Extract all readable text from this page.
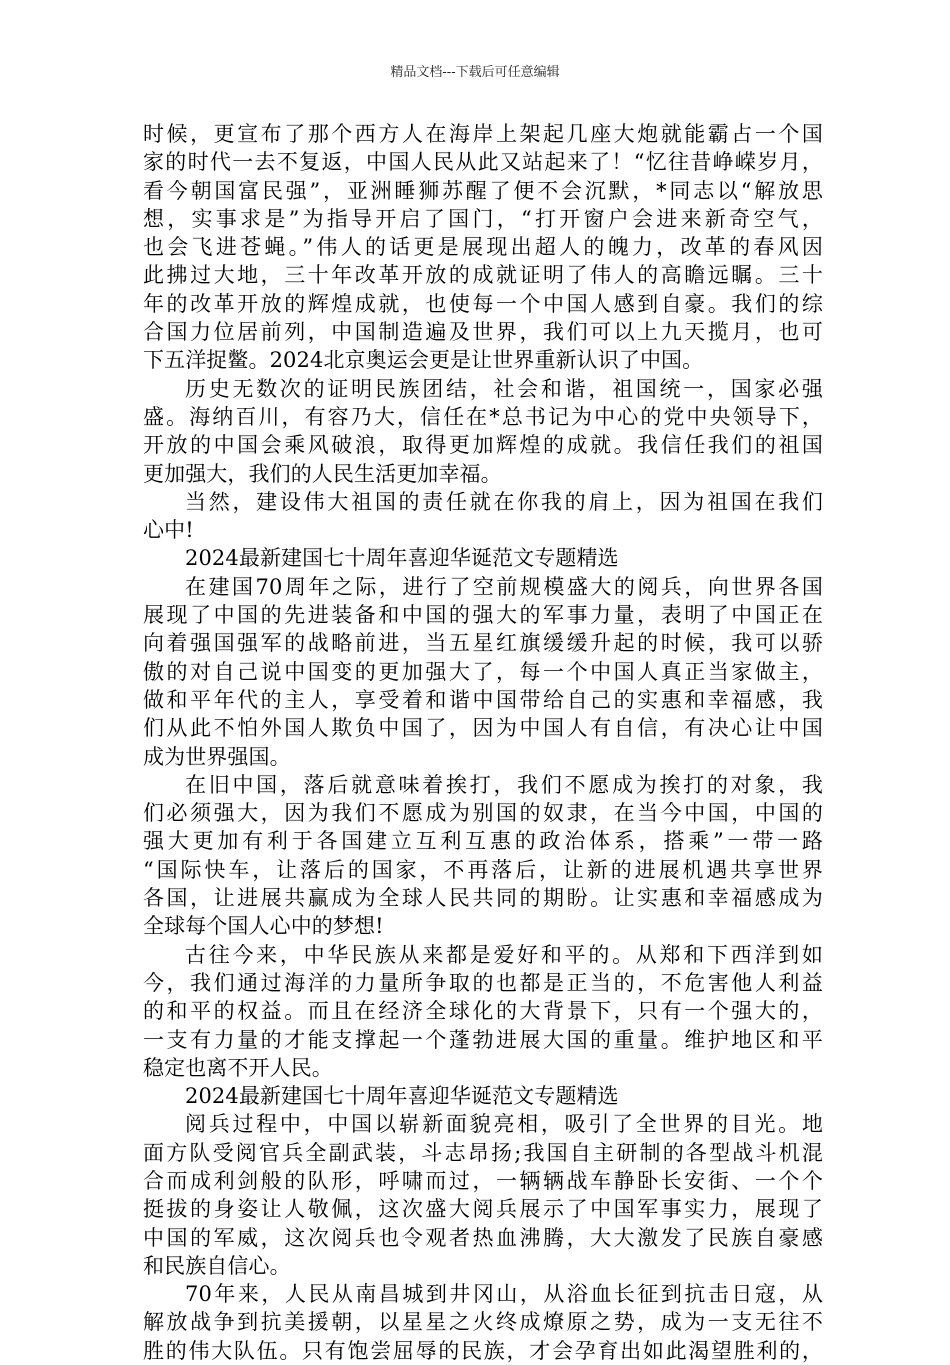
精品文档---下载后可任意编辑
时候，更宣布了那个西方人在海岸上架起几座大炮就能霸占一个国
家的时代一去不复返，中国人民从此又站起来了！“忆往昔峥嵘岁月，
看今朝国富民强”，亚洲睡狮苏醒了便不会沉默，*同志以“解放思
想，实事求是”为指导开启了国门，“打开窗户会进来新奇空气，
也会飞进苍蝇。”伟人的话更是展现出超人的魄力，改革的春风因
此拂过大地，三十年改革开放的成就证明了伟人的高瞻远瞩。三十
年的改革开放的辉煌成就，也使每一个中国人感到自豪。我们的综
合国力位居前列，中国制造遍及世界，我们可以上九天揽月，也可
下五洋捉鳖。2024北京奥运会更是让世界重新认识了中国。
历史无数次的证明民族团结，社会和谐，祖国统一，国家必强
盛。海纳百川，有容乃大，信任在*总书记为中心的党中央领导下，
开放的中国会乘风破浪，取得更加辉煌的成就。我信任我们的祖国
更加强大，我们的人民生活更加幸福。
当然，建设伟大祖国的责任就在你我的肩上，因为祖国在我们
心中!
2024最新建国七十周年喜迎华诞范文专题精选
在建国70周年之际，进行了空前规模盛大的阅兵，向世界各国
展现了中国的先进装备和中国的强大的军事力量，表明了中国正在
向着强国强军的战略前进，当五星红旗缓缓升起的时候，我可以骄
傲的对自己说中国变的更加强大了，每一个中国人真正当家做主，
做和平年代的主人，享受着和谐中国带给自己的实惠和幸福感，我
们从此不怕外国人欺负中国了，因为中国人有自信，有决心让中国
成为世界强国。
在旧中国，落后就意味着挨打，我们不愿成为挨打的对象，我
们必须强大，因为我们不愿成为别国的奴隶，在当今中国，中国的
强大更加有利于各国建立互利互惠的政治体系，搭乘”一带一路
“国际快车，让落后的国家，不再落后，让新的进展机遇共享世界
各国，让进展共赢成为全球人民共同的期盼。让实惠和幸福感成为
全球每个国人心中的梦想!
古往今来，中华民族从来都是爱好和平的。从郑和下西洋到如
今，我们通过海洋的力量所争取的也都是正当的，不危害他人利益
的和平的权益。而且在经济全球化的大背景下，只有一个强大的，
一支有力量的才能支撑起一个蓬勃进展大国的重量。维护地区和平
稳定也离不开人民。
2024最新建国七十周年喜迎华诞范文专题精选
阅兵过程中，中国以崭新面貌亮相，吸引了全世界的目光。地
面方队受阅官兵全副武装，斗志昂扬;我国自主研制的各型战斗机混
合而成利剑般的队形，呼啸而过，一辆辆战车静卧长安街、一个个
挺拔的身姿让人敬佩，这次盛大阅兵展示了中国军事实力，展现了
中国的军威，这次阅兵也令观者热血沸腾，大大激发了民族自豪感
和民族自信心。
70年来，人民从南昌城到井冈山，从浴血长征到抗击日寇，从
解放战争到抗美援朝，以星星之火终成燎原之势，成为一支无往不
胜的伟大队伍。只有饱尝屈辱的民族，才会孕育出如此渴望胜利的，
